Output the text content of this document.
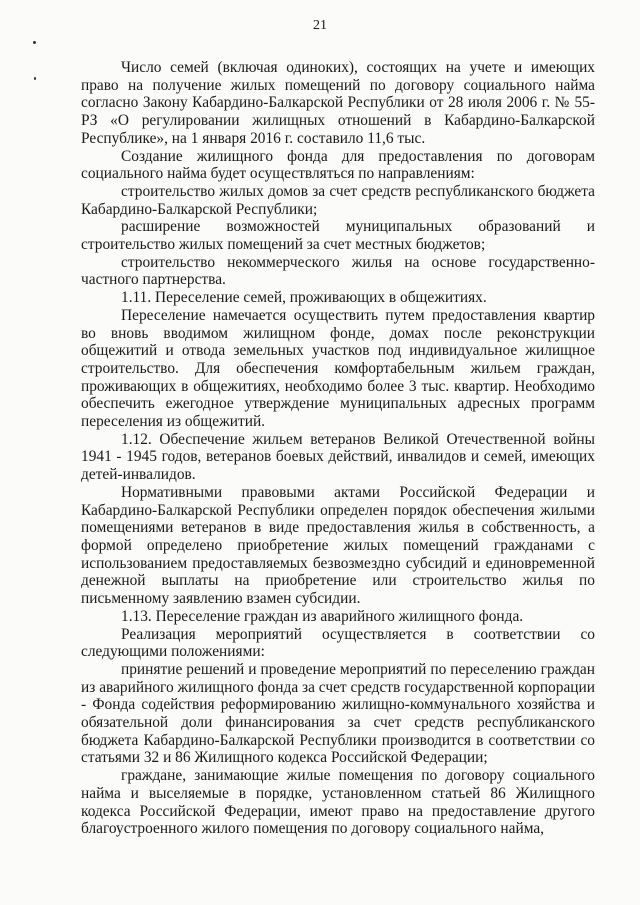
21

Число семей (включая одиноких), состоящих на учете и имеющих право на получение жилых помещений по договору социального найма согласно Закону Кабардино-Балкарской Республики от 28 июля 2006 г. № 55-РЗ «О регулировании жилищных отношений в Кабардино-Балкарской Республике», на 1 января 2016 г. составило 11,6 тыс.

Создание жилищного фонда для предоставления по договорам социального найма будет осуществляться по направлениям:

строительство жилых домов за счет средств республиканского бюджета Кабардино-Балкарской Республики;

расширение возможностей муниципальных образований и строительство жилых помещений за счет местных бюджетов;

строительство некоммерческого жилья на основе государственно-частного партнерства.

1.11. Переселение семей, проживающих в общежитиях.

Переселение намечается осуществить путем предоставления квартир во вновь вводимом жилищном фонде, домах после реконструкции общежитий и отвода земельных участков под индивидуальное жилищное строительство. Для обеспечения комфортабельным жильем граждан, проживающих в общежитиях, необходимо более 3 тыс. квартир. Необходимо обеспечить ежегодное утверждение муниципальных адресных программ переселения из общежитий.

1.12. Обеспечение жильем ветеранов Великой Отечественной войны 1941 - 1945 годов, ветеранов боевых действий, инвалидов и семей, имеющих детей-инвалидов.

Нормативными правовыми актами Российской Федерации и Кабардино-Балкарской Республики определен порядок обеспечения жилыми помещениями ветеранов в виде предоставления жилья в собственность, а формой определено приобретение жилых помещений гражданами с использованием предоставляемых безвозмездно субсидий и единовременной денежной выплаты на приобретение или строительство жилья по письменному заявлению взамен субсидии.

1.13. Переселение граждан из аварийного жилищного фонда.

Реализация мероприятий осуществляется в соответствии со следующими положениями:

принятие решений и проведение мероприятий по переселению граждан из аварийного жилищного фонда за счет средств государственной корпорации - Фонда содействия реформированию жилищно-коммунального хозяйства и обязательной доли финансирования за счет средств республиканского бюджета Кабардино-Балкарской Республики производится в соответствии со статьями 32 и 86 Жилищного кодекса Российской Федерации;

граждане, занимающие жилые помещения по договору социального найма и выселяемые в порядке, установленном статьей 86 Жилищного кодекса Российской Федерации, имеют право на предоставление другого благоустроенного жилого помещения по договору социального найма,
